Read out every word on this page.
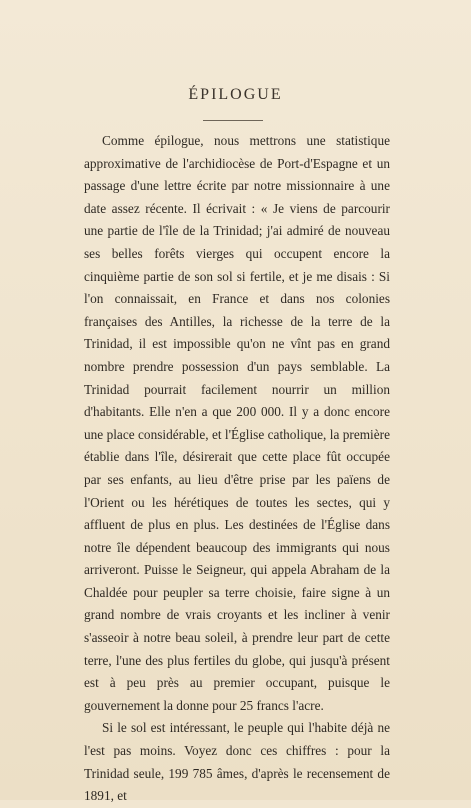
ÉPILOGUE

Comme épilogue, nous mettrons une statistique approximative de l'archidiocèse de Port-d'Espagne et un passage d'une lettre écrite par notre missionnaire à une date assez récente. Il écrivait : « Je viens de parcourir une partie de l'île de la Trinidad; j'ai admiré de nouveau ses belles forêts vierges qui occupent encore la cinquième partie de son sol si fertile, et je me disais : Si l'on connaissait, en France et dans nos colonies françaises des Antilles, la richesse de la terre de la Trinidad, il est impossible qu'on ne vînt pas en grand nombre prendre possession d'un pays semblable. La Trinidad pourrait facilement nourrir un million d'habitants. Elle n'en a que 200 000. Il y a donc encore une place considérable, et l'Église catholique, la première établie dans l'île, désirerait que cette place fût occupée par ses enfants, au lieu d'être prise par les païens de l'Orient ou les hérétiques de toutes les sectes, qui y affluent de plus en plus. Les destinées de l'Église dans notre île dépendent beaucoup des immigrants qui nous arriveront. Puisse le Seigneur, qui appela Abraham de la Chaldée pour peupler sa terre choisie, faire signe à un grand nombre de vrais croyants et les incliner à venir s'asseoir à notre beau soleil, à prendre leur part de cette terre, l'une des plus fertiles du globe, qui jusqu'à présent est à peu près au premier occupant, puisque le gouvernement la donne pour 25 francs l'acre.

Si le sol est intéressant, le peuple qui l'habite déjà ne l'est pas moins. Voyez donc ces chiffres : pour la Trinidad seule, 199 785 âmes, d'après le recensement de 1891, et
